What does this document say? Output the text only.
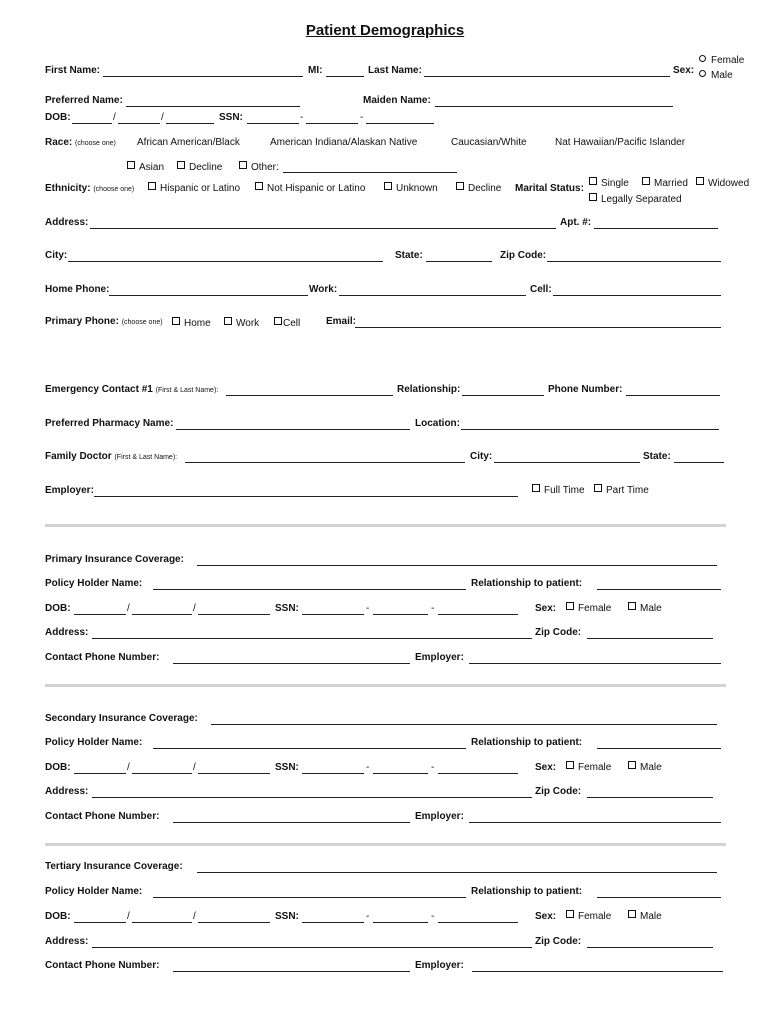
Patient Demographics
First Name:	MI:	Last Name:	Sex:
Female
Male
Preferred Name:	Maiden Name:
DOB:	/	/	SSN:	-	-
Race: (choose one) African American/Black	American Indiana/Alaskan Native	Caucasian/White	Nat Hawaiian/Pacific Islander
Asian	Decline	Other:
Ethnicity: (choose one)	Hispanic or Latino	Not Hispanic or Latino	Unknown	Decline Marital Status:	Single	Married	Widowed
Legally Separated
Address:	Apt. #:
City:	State:	Zip Code:
Home Phone:	Work:	Cell:
Primary Phone: (choose one)	Home	Work	Cell	Email:
Emergency Contact #1 (First & Last Name):	Relationship:	Phone Number:
Preferred Pharmacy Name:	Location:
Family Doctor (First & Last Name):	City:	State:
Employer:	Full Time	Part Time
Primary Insurance Coverage:
Policy Holder Name:	Relationship to patient:
DOB:	/	/	SSN:	-	-	Sex:	Female	Male
Address:	Zip Code:
Contact Phone Number:	Employer:
Secondary Insurance Coverage:
Policy Holder Name:	Relationship to patient:
DOB:	/	/	SSN:	-	-	Sex:	Female	Male
Address:	Zip Code:
Contact Phone Number:	Employer:
Tertiary Insurance Coverage:
Policy Holder Name:	Relationship to patient:
DOB:	/	/	SSN:	-	-	Sex:	Female	Male
Address:	Zip Code:
Contact Phone Number:	Employer:
